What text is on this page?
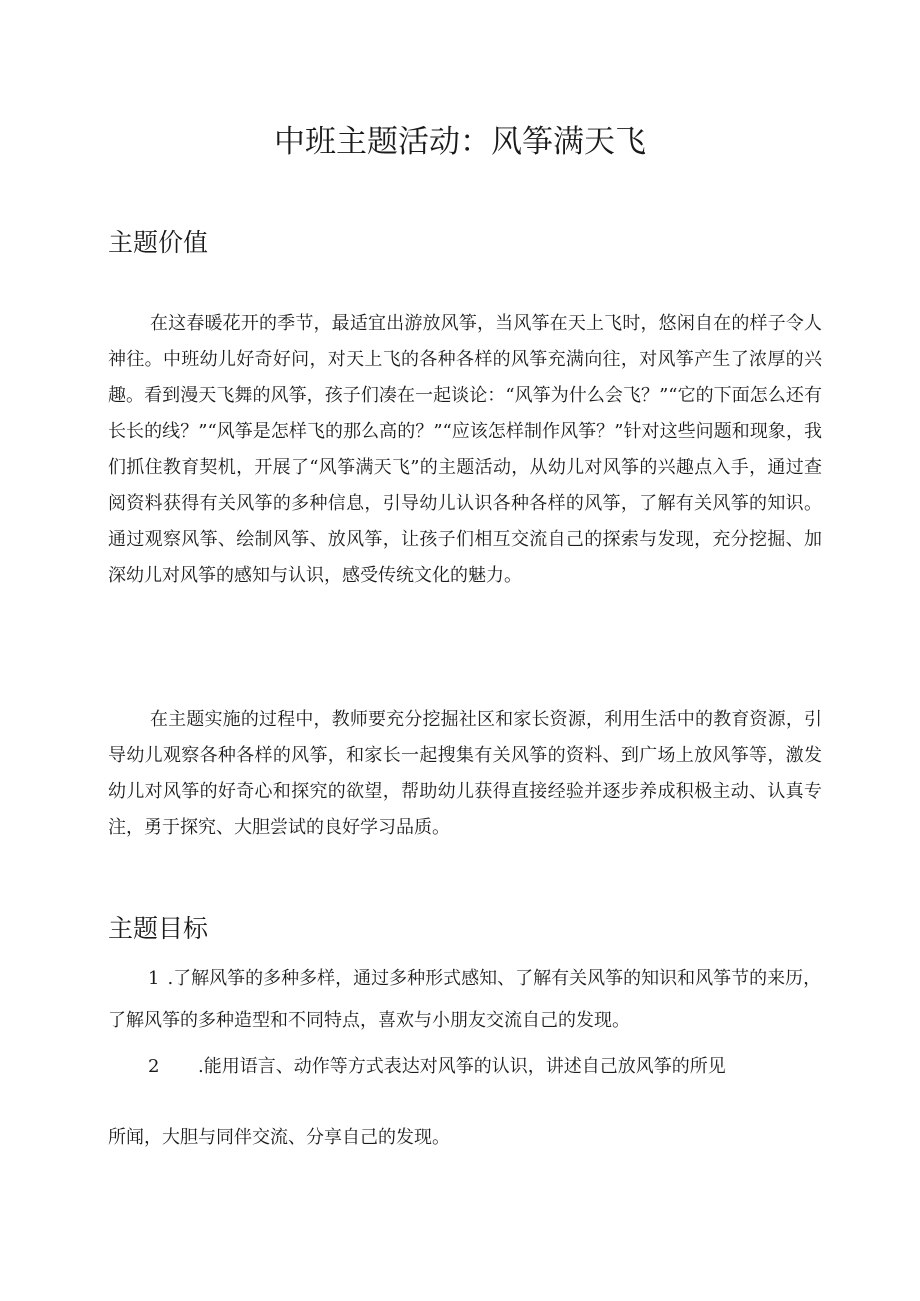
中班主题活动：风筝满天飞
主题价值

在这春暖花开的季节，最适宜出游放风筝，当风筝在天上飞时，悠闲自在的样子令人神往。中班幼儿好奇好问，对天上飞的各种各样的风筝充满向往，对风筝产生了浓厚的兴趣。看到漫天飞舞的风筝，孩子们凑在一起谈论：“风筝为什么会飞？”“它的下面怎么还有长长的线？”“风筝是怎样飞的那么高的？”“应该怎样制作风筝？”针对这些问题和现象，我们抓住教育契机，开展了“风筝满天飞”的主题活动，从幼儿对风筝的兴趣点入手，通过查阅资料获得有关风筝的多种信息，引导幼儿认识各种各样的风筝，了解有关风筝的知识。通过观察风筝、绘制风筝、放风筝，让孩子们相互交流自己的探索与发现，充分挖掘、加深幼儿对风筝的感知与认识，感受传统文化的魅力。

在主题实施的过程中，教师要充分挖掘社区和家长资源，利用生活中的教育资源，引导幼儿观察各种各样的风筝，和家长一起搜集有关风筝的资料、到广场上放风筝等，激发幼儿对风筝的好奇心和探究的欲望，帮助幼儿获得直接经验并逐步养成积极主动、认真专注，勇于探究、大胆尝试的良好学习品质。

主题目标

1 .了解风筝的多种多样，通过多种形式感知、了解有关风筝的知识和风筝节的来历，了解风筝的多种造型和不同特点，喜欢与小朋友交流自己的发现。

2 .能用语言、动作等方式表达对风筝的认识，讲述自己放风筝的所见

所闻，大胆与同伴交流、分享自己的发现。
